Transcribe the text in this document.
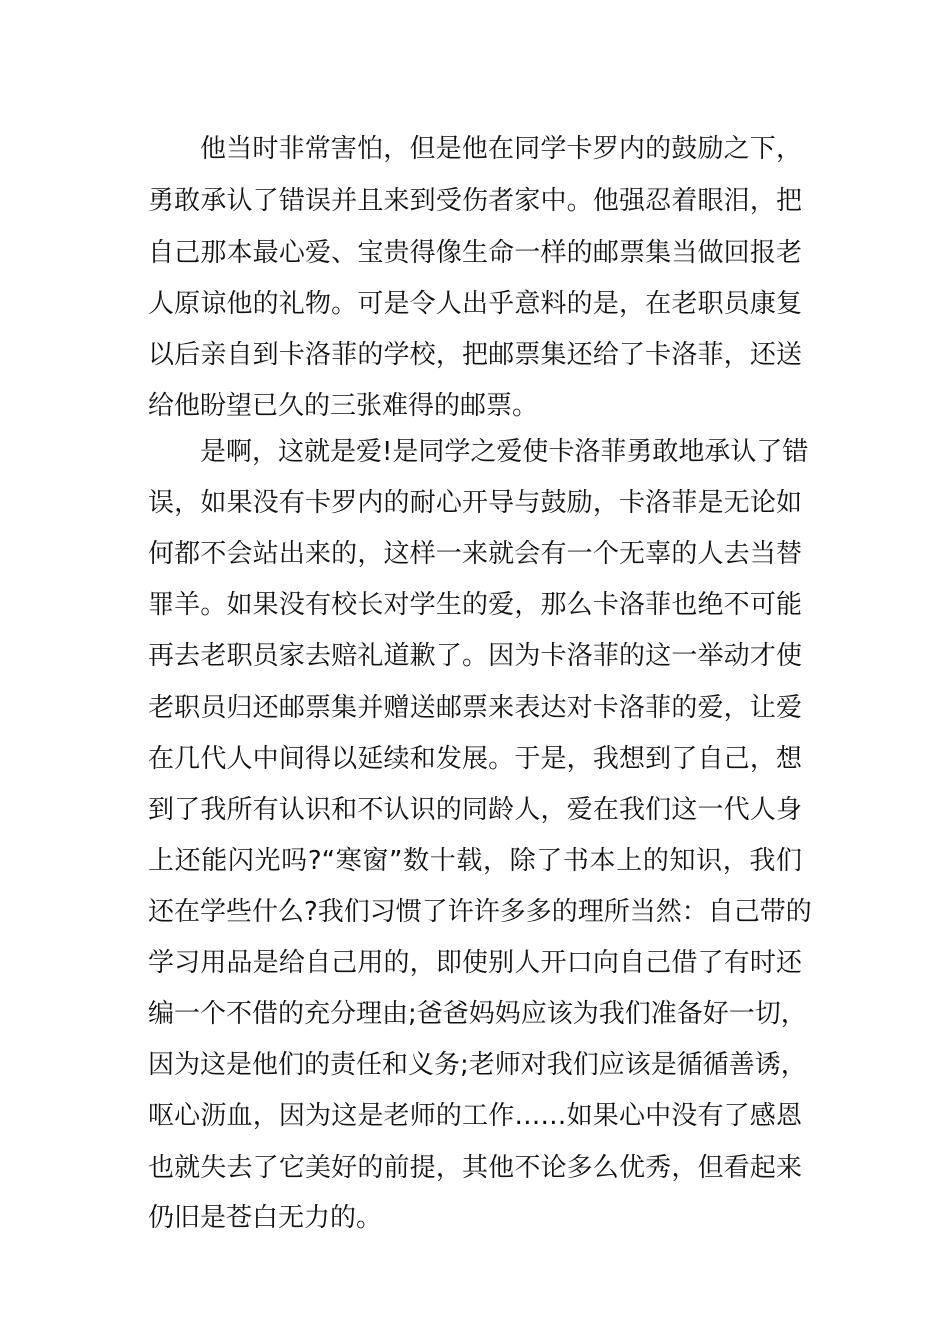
他当时非常害怕，但是他在同学卡罗内的鼓励之下，
勇敢承认了错误并且来到受伤者家中。他强忍着眼泪，把
自己那本最心爱、宝贵得像生命一样的邮票集当做回报老
人原谅他的礼物。可是令人出乎意料的是，在老职员康复
以后亲自到卡洛菲的学校，把邮票集还给了卡洛菲，还送
给他盼望已久的三张难得的邮票。
是啊，这就是爱!是同学之爱使卡洛菲勇敢地承认了错
误，如果没有卡罗内的耐心开导与鼓励，卡洛菲是无论如
何都不会站出来的，这样一来就会有一个无辜的人去当替
罪羊。如果没有校长对学生的爱，那么卡洛菲也绝不可能
再去老职员家去赔礼道歉了。因为卡洛菲的这一举动才使
老职员归还邮票集并赠送邮票来表达对卡洛菲的爱，让爱
在几代人中间得以延续和发展。于是，我想到了自己，想
到了我所有认识和不认识的同龄人，爱在我们这一代人身
上还能闪光吗?“寒窗”数十载，除了书本上的知识，我们
还在学些什么?我们习惯了许许多多的理所当然：自己带的
学习用品是给自己用的，即使别人开口向自己借了有时还
编一个不借的充分理由;爸爸妈妈应该为我们准备好一切，
因为这是他们的责任和义务;老师对我们应该是循循善诱，
呕心沥血，因为这是老师的工作……如果心中没有了感恩
也就失去了它美好的前提，其他不论多么优秀，但看起来
仍旧是苍白无力的。
